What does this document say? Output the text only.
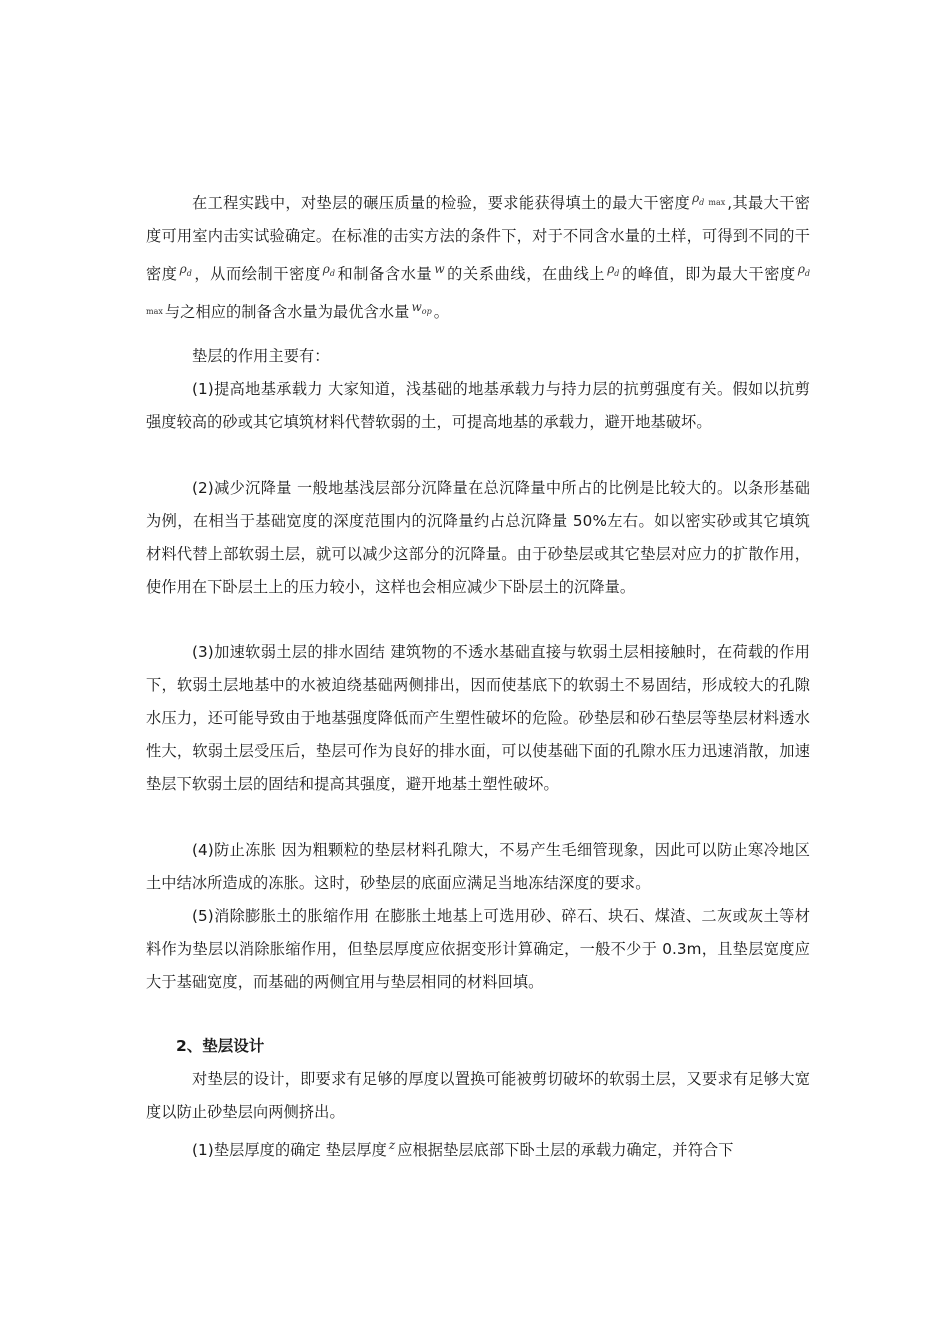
在工程实践中，对垫层的碾压质量的检验，要求能获得填土的最大干密度 $^{\rho_d _{max}}$ ,其最大干密度可用室内击实试验确定。在标准的击实方法的条件下，对于不同含水量的土样，可得到不同的干密度 $^{\rho_d}$ ，从而绘制干密度 $^{\rho_d}$ 和制备含水量 $^w$ 的关系曲线，在曲线上 $^{\rho_d}$ 的峰值，即为最大干密度 $^{\rho_d _{max}}$ 与之相应的制备含水量为最优含水量 $^{w_{op}}$ 。

垫层的作用主要有：

(1)提高地基承载力 大家知道，浅基础的地基承载力与持力层的抗剪强度有关。假如以抗剪强度较高的砂或其它填筑材料代替软弱的土，可提高地基的承载力，避开地基破坏。

(2)减少沉降量 一般地基浅层部分沉降量在总沉降量中所占的比例是比较大的。以条形基础为例，在相当于基础宽度的深度范围内的沉降量约占总沉降量 50%左右。如以密实砂或其它填筑材料代替上部软弱土层，就可以减少这部分的沉降量。由于砂垫层或其它垫层对应力的扩散作用，使作用在下卧层土上的压力较小，这样也会相应减少下卧层土的沉降量。

(3)加速软弱土层的排水固结 建筑物的不透水基础直接与软弱土层相接触时，在荷载的作用下，软弱土层地基中的水被迫绕基础两侧排出，因而使基底下的软弱土不易固结，形成较大的孔隙水压力，还可能导致由于地基强度降低而产生塑性破坏的危险。砂垫层和砂石垫层等垫层材料透水性大，软弱土层受压后，垫层可作为良好的排水面，可以使基础下面的孔隙水压力迅速消散，加速垫层下软弱土层的固结和提高其强度，避开地基土塑性破坏。

(4)防止冻胀 因为粗颗粒的垫层材料孔隙大，不易产生毛细管现象，因此可以防止寒冷地区土中结冰所造成的冻胀。这时，砂垫层的底面应满足当地冻结深度的要求。

(5)消除膨胀土的胀缩作用 在膨胀土地基上可选用砂、碎石、块石、煤渣、二灰或灰土等材料作为垫层以消除胀缩作用，但垫层厚度应依据变形计算确定，一般不少于 0.3m，且垫层宽度应大于基础宽度，而基础的两侧宜用与垫层相同的材料回填。

2、垫层设计

对垫层的设计，即要求有足够的厚度以置换可能被剪切破坏的软弱土层，又要求有足够大宽度以防止砂垫层向两侧挤出。

(1)垫层厚度的确定 垫层厚度 $^z$ 应根据垫层底部下卧土层的承载力确定，并符合下
